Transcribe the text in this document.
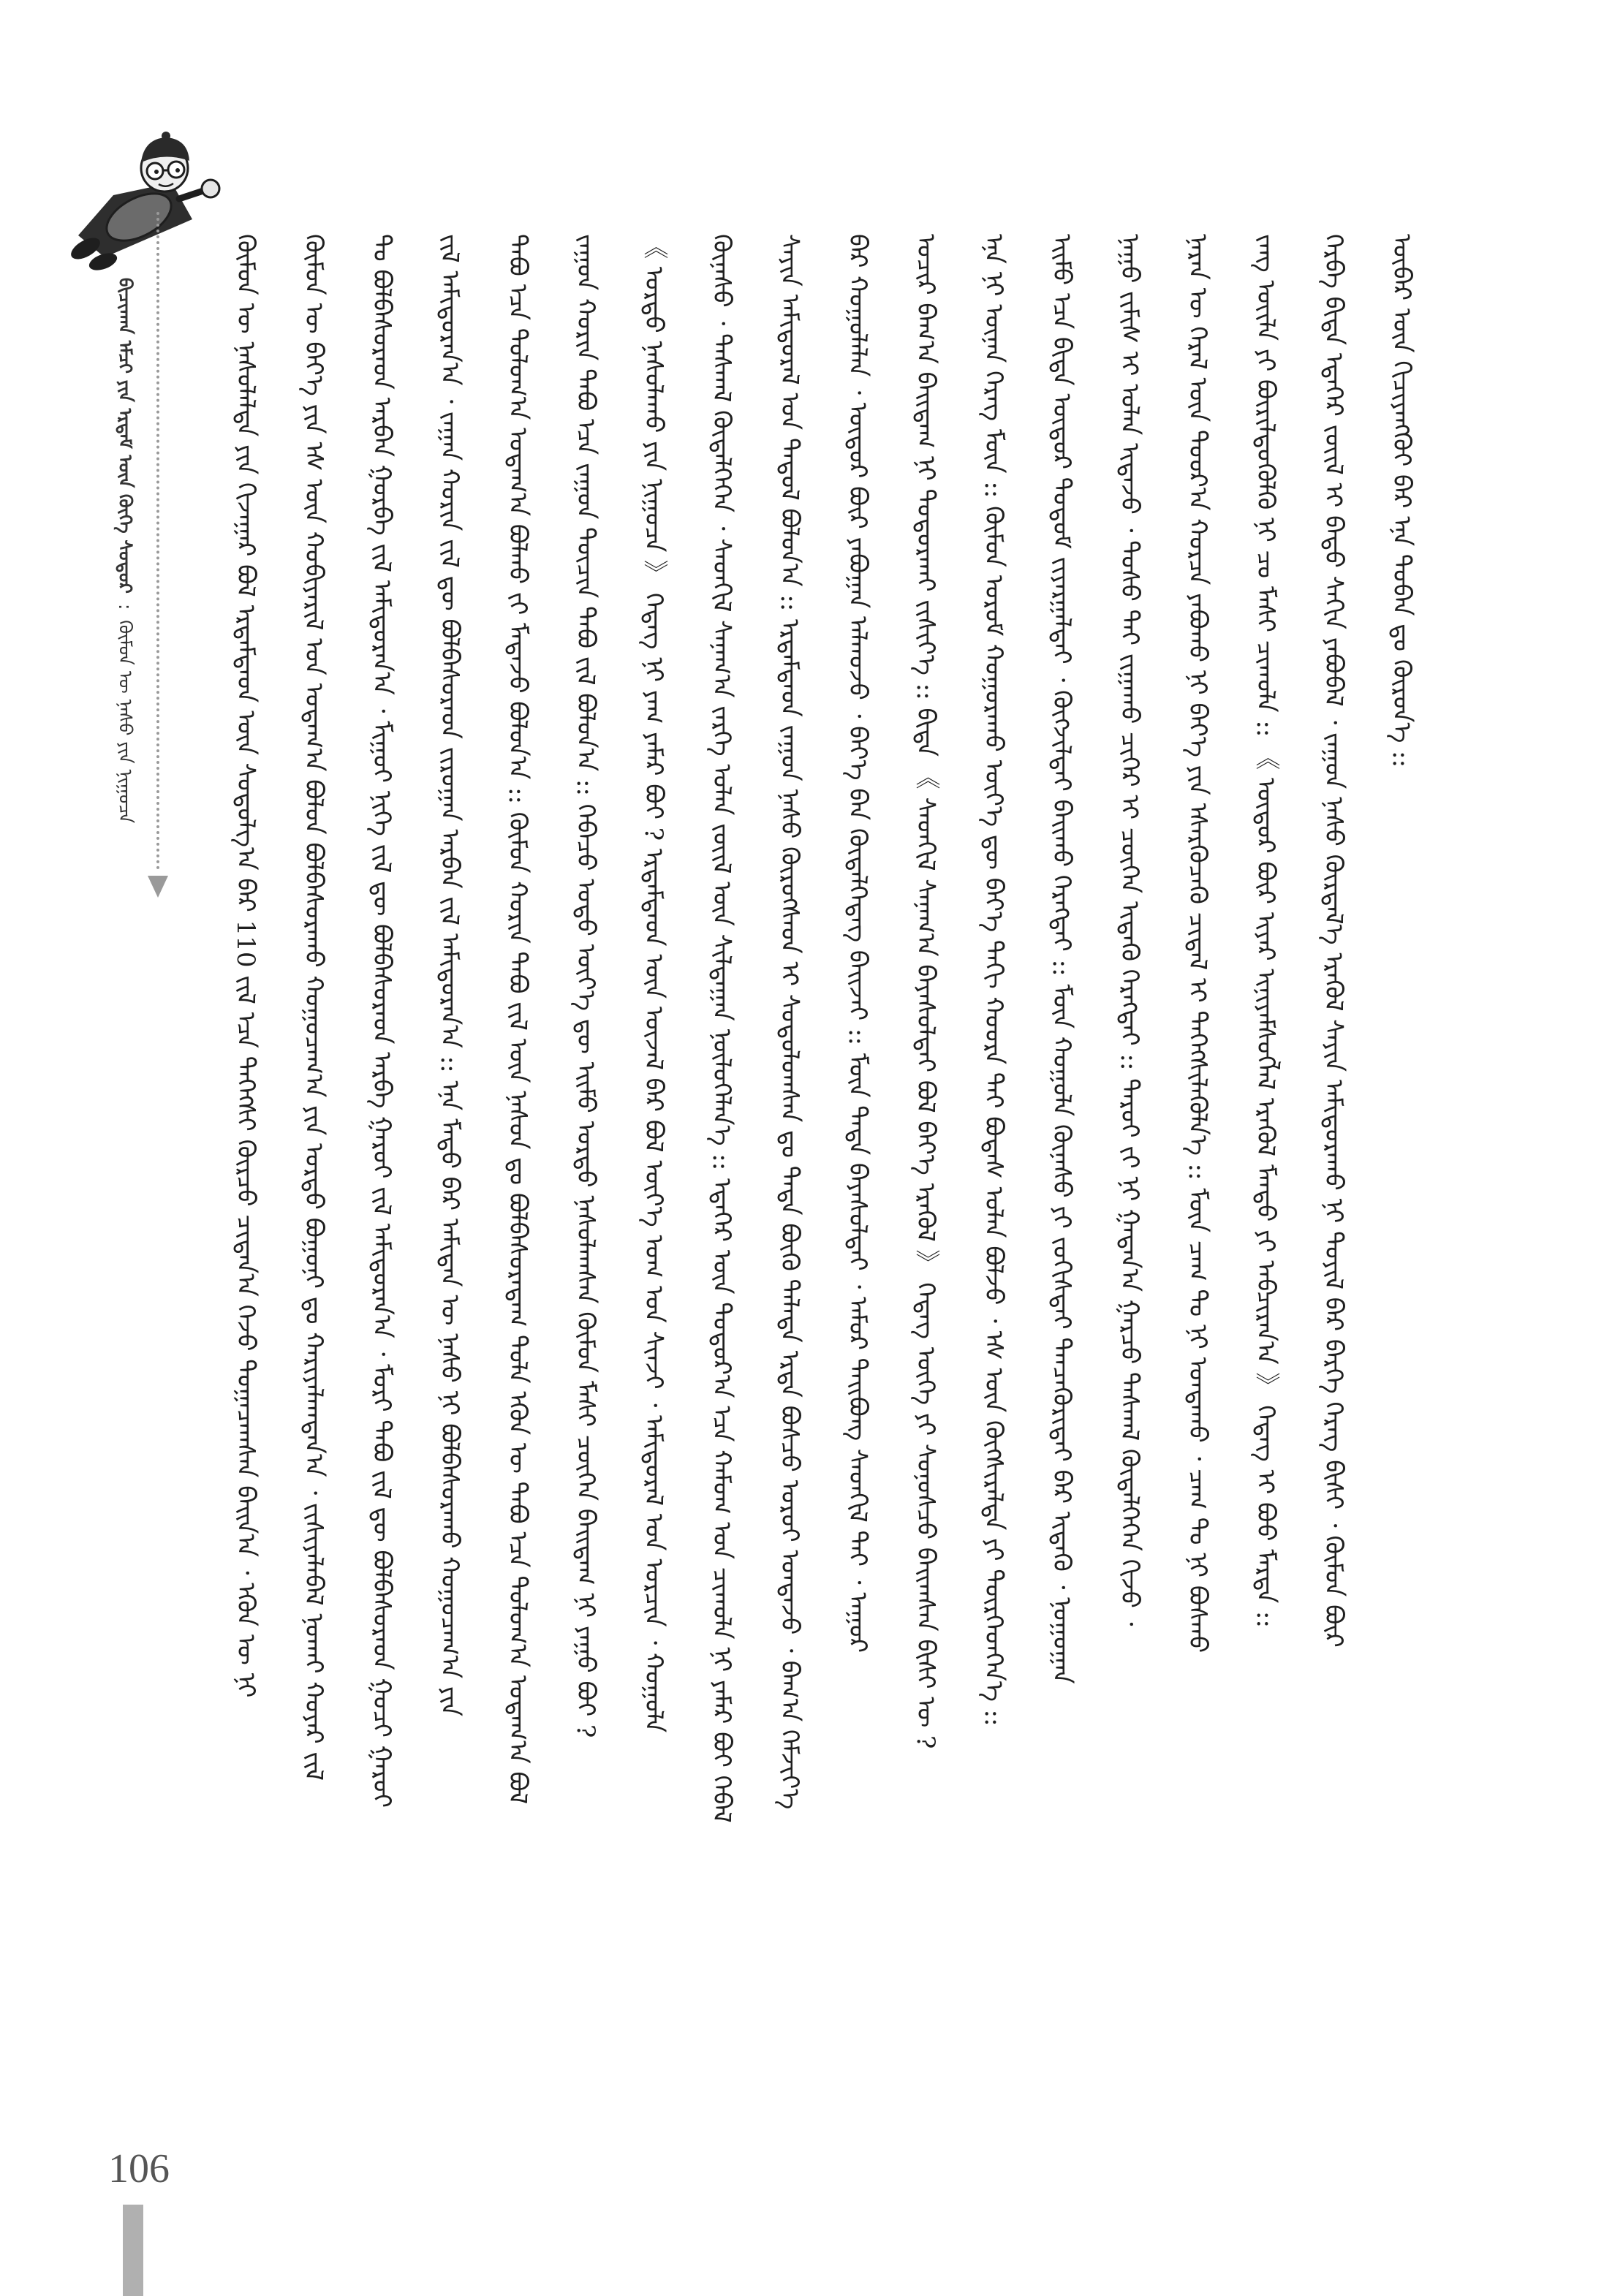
ᠪᠢᠴᠢᠬᠠᠨ ᠡᠮᠴᠢ ᠶᠢᠨ ᠡᠷᠳᠡᠮ ᠦᠨ ᠬᠥᠬᠡ ᠰᠤᠳᠤᠷ : ᠬᠦᠮᠦᠨ ᠦ ᠨᠠᠰᠤ ᠶᠢᠨ ᠨᠢᠭᠤᠴᠠ	ᠬᠦᠮᠦᠨ ᠦ ᠨᠠᠰᠤᠯᠠᠯᠲᠠ ᠶᠢᠨ ᠬᠢᠵᠠᠭᠠᠷ ᠪᠣᠯ ᠡᠷᠳᠡᠮᠲᠡᠳ ᠦᠨ ᠰᠤᠳᠤᠯᠭ᠎ᠠ ᠪᠠᠷ 110 ᠵᠢᠯ ᠡᠴᠡ ᠳᠡᠭᠡᠭᠰᠢ ᠬᠦᠷᠴᠦ ᠴᠢᠳᠠᠨ᠎ᠠ ᠭᠡᠵᠦ ᠲᠣᠭᠠᠴᠠᠭᠰᠠᠨ ᠪᠠᠢᠨ᠎ᠠ ᠂ ᠡᠭᠦᠨ ᠦ ᠨᠢ ᠬᠦᠮᠦᠨ ᠦ ᠪᠡᠶ᠎ᠡ ᠶᠢᠨ ᠡᠰ ᠦᠨ ᠬᠤᠪᠢᠶᠠᠷᠢᠯ ᠤᠨ ᠤᠳᠠᠭ᠎ᠠ ᠪᠣᠯᠤᠨ ᠪᠣᠯᠪᠠᠰᠤᠷᠠᠬᠤ ᠬᠤᠭᠤᠴᠠᠭ᠎ᠠ ᠶᠢᠨ ᠤᠷᠲᠤ ᠪᠣᠭᠤᠨᠢ ᠳᠤ ᠬᠠᠷᠢᠶᠠᠯᠠᠭᠳᠠᠨ᠎ᠠ ᠂ ᠵᠢᠱᠢᠶᠡᠯᠡᠪᠡᠯ ᠨᠣᠬᠠᠢ ᠬᠣᠶᠠᠷ ᠵᠢᠯ ᠲᠤ ᠪᠣᠯᠪᠠᠰᠤᠷᠠᠳ ᠠᠷᠪᠠᠨ ᠭᠤᠷᠪᠠ ᠵᠢᠯ ᠠᠮᠢᠳᠤᠷᠠᠨ᠎ᠠ ᠂ ᠮᠢᠭᠤᠢ ᠨᠢᠭᠡ ᠵᠢᠯ ᠳᠦ ᠪᠣᠯᠪᠠᠰᠤᠷᠠᠳ ᠠᠷᠪᠠ ᠭᠠᠷᠤᠢ ᠵᠢᠯ ᠠᠮᠢᠳᠤᠷᠠᠨ᠎ᠠ ᠂ ᠮᠣᠷᠢ ᠲᠠᠪᠤ ᠵᠢᠯ ᠳᠦ ᠪᠣᠯᠪᠠᠰᠤᠷᠠᠳ ᠭᠤᠴᠢ ᠭᠠᠷᠤᠢ ᠵᠢᠯ ᠠᠮᠢᠳᠤᠷᠠᠨ᠎ᠠ ᠂ ᠵᠠᠭᠠᠨ ᠬᠣᠷᠢᠨ ᠵᠢᠯ ᠳᠦ ᠪᠣᠯᠪᠠᠰᠤᠷᠠᠳ ᠵᠢᠷᠤᠭᠠᠨ ᠠᠷᠪᠠᠨ ᠵᠢᠯ ᠠᠮᠢᠳᠤᠷᠠᠨ᠎ᠠ :: ᠡᠨᠡ ᠮᠡᠲᠦ ᠪᠡᠷ ᠠᠮᠢᠲᠠᠨ ᠦ ᠨᠠᠰᠤ ᠨᠢ ᠪᠣᠯᠪᠠᠰᠤᠷᠠᠬᠤ ᠬᠤᠭᠤᠴᠠᠭ᠎ᠠ ᠶᠢᠨ ᠲᠠᠪᠤ ᠡᠴᠡ ᠳᠣᠯᠤᠭ᠎ᠠ ᠤᠳᠠᠭ᠎ᠠ ᠪᠣᠯᠬᠤ ᠵᠢ ᠮᠡᠳᠡᠵᠦ ᠪᠣᠯᠤᠨ᠎ᠠ :: ᠬᠦᠮᠦᠨ ᠬᠣᠷᠢᠨ ᠲᠠᠪᠤ ᠵᠢᠯ ᠦᠨ ᠨᠠᠰᠤᠨ ᠳᠤ ᠪᠣᠯᠪᠠᠰᠤᠷᠠᠳᠠᠭ ᠲᠤᠯᠠ ᠡᠭᠦᠨ ᠦ ᠲᠠᠪᠤ ᠡᠴᠡ ᠳᠣᠯᠤᠭ᠎ᠠ ᠤᠳᠠᠭ᠎ᠠ ᠪᠣᠯ ᠵᠠᠭᠤᠨ ᠬᠣᠷᠢᠨ ᠲᠠᠪᠤ ᠡᠴᠡ ᠵᠠᠭᠤᠨ ᠳᠥᠴᠢᠨ ᠲᠠᠪᠤ ᠵᠢᠯ ᠪᠣᠯᠤᠨ᠎ᠠ :: ᠭᠡᠪᠡᠴᠦ ᠣᠳᠣ ᠦᠶ᠎ᠡ ᠳᠦ ᠡᠢᠮᠦ ᠤᠷᠲᠤ ᠨᠠᠰᠤᠯᠠᠭᠰᠠᠨ ᠬᠦᠮᠦᠨ ᠮᠠᠰᠢ ᠴᠥᠭᠡᠨ ᠪᠠᠢᠳᠠᠭ ᠨᠢ ᠶᠠᠭᠤ ᠪᠤᠢ ? 《 ᠤᠷᠲᠤ ᠨᠠᠰᠤᠯᠠᠬᠤ ᠶᠢᠨ ᠨᠢᠭᠤᠴᠠ 》 ᠭᠡᠳᠡᠭ ᠨᠢ ᠶᠠᠭ ᠶᠠᠮᠠᠷ ᠪᠤᠢ ? ᠡᠷᠳᠡᠮᠲᠡᠳ ᠦᠨ ᠦᠵᠡᠯ ᠪᠡᠷ ᠪᠣᠯ ᠦᠶ᠎ᠡ ᠤᠭ ᠤᠨ ᠰᠢᠨᠵᠢ ᠂ ᠠᠮᠢᠳᠤᠷᠠᠯ ᠤᠨ ᠣᠷᠴᠢᠨ ᠂ ᠬᠣᠭᠣᠯᠠ ᠬᠦᠨᠡᠰᠦ ᠂ ᠳᠠᠰᠬᠠᠯ ᠬᠥᠳᠡᠯᠭᠡᠭᠡᠨ ᠂ ᠰᠡᠳᠬᠢᠯ ᠰᠠᠨᠠᠭ᠎ᠠ ᠵᠡᠷᠭᠡ ᠣᠯᠠᠨ ᠵᠦᠢᠯ ᠦᠨ ᠰᠢᠯᠲᠠᠭᠠᠨ ᠨᠥᠯᠦᠭᠡᠯᠡᠨ᠎ᠡ :: ᠡᠳᠡᠭᠡᠷ ᠦᠨ ᠳᠣᠲᠣᠷ᠎ᠠ ᠡᠴᠡ ᠬᠠᠮᠤᠭ ᠤᠨ ᠴᠢᠬᠤᠯᠠ ᠨᠢ ᠶᠠᠮᠠᠷ ᠪᠤᠢ ᠭᠡᠪᠡᠯ ᠰᠠᠶᠢᠨ ᠠᠮᠢᠳᠤᠷᠠᠯ ᠤᠨ ᠳᠠᠳᠤᠯ ᠪᠣᠯᠤᠨ᠎ᠠ :: ᠡᠷᠳᠡᠮᠲᠡᠳ ᠵᠠᠭᠤᠨ ᠨᠠᠰᠤ ᠬᠦᠷᠦᠭᠰᠡᠳ ᠢ ᠰᠤᠳᠤᠯᠤᠭᠰᠠᠨ ᠳᠤ ᠲᠡᠳᠡ ᠪᠦᠬᠦ ᠳᠡᠯᠡᠳᠡ ᠡᠷᠲᠡ ᠪᠤᠰᠴᠤ ᠣᠷᠣᠢ ᠤᠨᠲᠠᠵᠤ ᠂ ᠪᠠᠭ᠎ᠠ ᠬᠡᠮᠵᠢᠶ᠎ᠡ ᠪᠡᠷ ᠬᠣᠭᠣᠯᠠᠯᠠᠨ ᠂ ᠦᠳᠦᠷ ᠪᠦᠷ ᠶᠠᠪᠤᠭᠠᠨ ᠠᠯᠬᠤᠵᠤ ᠂ ᠪᠡᠶ᠎ᠡ ᠪᠡᠨ ᠬᠥᠳᠡᠯᠭᠡᠳᠡᠭ ᠪᠠᠢᠵᠠᠢ :: ᠮᠥᠨ ᠲᠡᠳᠡ ᠪᠠᠶᠠᠰᠤᠯᠲᠠᠢ ᠂ ᠠᠮᠤᠷ ᠲᠠᠢᠪᠤᠩ ᠰᠡᠳᠬᠢᠯ ᠲᠡᠢ ᠂ ᠠᠭᠤᠷ ᠤᠴᠢᠷ ᠪᠠᠭ᠎ᠠ ᠪᠠᠢᠳᠠᠭ ᠨᠢ ᠲᠣᠳᠣᠷᠬᠠᠢ ᠵᠢᠱᠢᠶ᠎ᠡ :: ᠪᠢᠳᠡ 《 ᠰᠡᠳᠬᠢᠯ ᠰᠠᠨᠠᠭ᠎ᠠ ᠪᠠᠶᠠᠰᠤᠯᠲᠠᠢ ᠪᠣᠯ ᠪᠡᠶ᠎ᠡ ᠡᠷᠡᠭᠦᠯ 》 ᠭᠡᠳᠡᠭ ᠦᠭᠡ ᠶᠢ ᠰᠣᠨᠣᠰᠴᠤ ᠪᠠᠢᠭᠰᠠᠨ ᠪᠢᠰᠢ ᠦ ? ᠡᠨᠡ ᠨᠢ ᠦᠨᠡᠨ ᠬᠡᠷᠡᠭ ᠮᠥᠨ :: ᠬᠦᠮᠦᠨ ᠤᠷᠤᠮ ᠬᠤᠭᠤᠷᠠᠬᠤ ᠦᠶ᠎ᠡ ᠳᠦ ᠪᠡᠶ᠎ᠡ ᠳᠡᠬᠢ ᠬᠣᠣᠷᠠ ᠲᠠᠢ ᠪᠣᠳᠠᠰ ᠣᠯᠠᠨ ᠪᠣᠯᠵᠤ ᠂ ᠡᠰ ᠦᠨ ᠬᠦᠭᠰᠢᠷᠡᠯᠲᠡ ᠶᠢ ᠲᠦᠷᠭᠡᠳᠬᠡᠨ᠎ᠡ :: ᠡᠢᠮᠦ ᠡᠴᠡ ᠪᠢᠳᠡ ᠦᠳᠦᠷ ᠲᠤᠲᠤᠮ ᠵᠢᠶᠠᠷᠭᠠᠯᠲᠠᠢ ᠂ ᠬᠥᠭᠵᠢᠯᠲᠡᠢ ᠪᠠᠢᠬᠤ ᠬᠡᠷᠡᠭᠲᠡᠢ :: ᠮᠥᠨ ᠬᠣᠭᠣᠯᠠ ᠬᠦᠨᠡᠰᠦ ᠶᠢ ᠵᠣᠬᠢᠰᠲᠠᠢ ᠲᠡᠨᠴᠡᠭᠦᠷᠢᠲᠡᠢ ᠪᠠᠷ ᠢᠳᠡᠬᠦ ᠂ ᠨᠣᠭᠣᠭᠠᠨ ᠨᠠᠭᠤ ᠵᠢᠮᠢᠰ ᠢ ᠣᠯᠠᠨ ᠢᠳᠡᠵᠦ ᠂ ᠲᠣᠰᠤ ᠲᠠᠢ ᠵᠢᠭᠠᠬᠤ ᠴᠢᠬᠡᠷ ᠢ ᠴᠥᠭᠡᠨ ᠢᠳᠡᠬᠦ ᠬᠡᠷᠡᠭᠲᠡᠢ :: ᠳᠠᠷᠤᠢ ᠵᠢ ᠨᠢ ᠭᠠᠳᠠᠨ᠎ᠠ ᠭᠠᠷᠴᠤ ᠳᠠᠰᠬᠠᠯ ᠬᠥᠳᠡᠯᠭᠡᠭᠡᠨ ᠬᠢᠵᠦ ᠂ ᠨᠠᠷᠠᠨ ᠦ ᠭᠡᠷᠡᠯ ᠦᠨ ᠳᠣᠣᠷ᠎ᠠ ᠬᠤᠷᠴᠠ ᠶᠠᠪᠤᠬᠤ ᠨᠢ ᠪᠡᠶ᠎ᠡ ᠶᠢᠨ ᠡᠰᠡᠷᠭᠦᠴᠡᠬᠦ ᠴᠢᠳᠠᠯ ᠢ ᠳᠡᠭᠡᠭᠰᠢᠯᠡᠭᠦᠯᠨ᠎ᠡ :: ᠮᠥᠨ ᠴᠠᠭ ᠲᠤ ᠨᠢ ᠤᠨᠲᠠᠬᠤ ᠂ ᠴᠠᠭ ᠲᠤ ᠨᠢ ᠪᠣᠰᠬᠤ ᠵᠠᠩ ᠦᠢᠯᠡ ᠶᠢ ᠪᠦᠷᠢᠯᠳᠦᠭᠦᠯᠬᠦ ᠨᠢ ᠴᠤ ᠮᠠᠰᠢ ᠴᠢᠬᠤᠯᠠ :: 《 ᠦᠳᠦᠷ ᠪᠦᠷ ᠢᠶᠡᠷ ᠢᠨᠢᠶᠡᠮᠰᠦᠭᠯᠡᠯ ᠡᠷᠡᠭᠦᠯ ᠮᠡᠨᠳᠦ ᠶᠢ ᠠᠪᠴᠢᠷᠠᠨ᠎ᠠ 》 ᠭᠡᠳᠡᠭ ᠢ ᠪᠦᠦ ᠮᠠᠷᠳᠠ :: ᠬᠡᠷᠪᠡ ᠪᠢᠳᠡ ᠡᠳᠡᠭᠡᠷ ᠵᠦᠢᠯ ᠢ ᠪᠠᠲᠤ ᠰᠠᠬᠢᠨ ᠶᠠᠪᠤᠪᠠᠯ ᠂ ᠵᠠᠭᠤᠨ ᠨᠠᠰᠤ ᠬᠦᠷᠲᠡᠯ᠎ᠡ ᠡᠷᠡᠭᠦᠯ ᠰᠠᠶᠢᠨ ᠠᠮᠢᠳᠤᠷᠠᠬᠤ ᠨᠢ ᠲᠤᠶᠢᠯ ᠪᠡᠷ ᠪᠡᠷᠬᠡ ᠬᠡᠷᠡᠭ ᠪᠢᠰᠢ ᠂ ᠬᠦᠮᠦᠨ ᠪᠦᠷ ᠥᠪᠡᠷ ᠦᠨ ᠬᠢᠴᠢᠶᠡᠩᠭᠦᠢ ᠪᠡᠷ ᠡᠨᠡ ᠲᠣᠪᠠᠨ ᠳᠤ ᠬᠦᠷᠦᠨ᠎ᠡ ::
106
